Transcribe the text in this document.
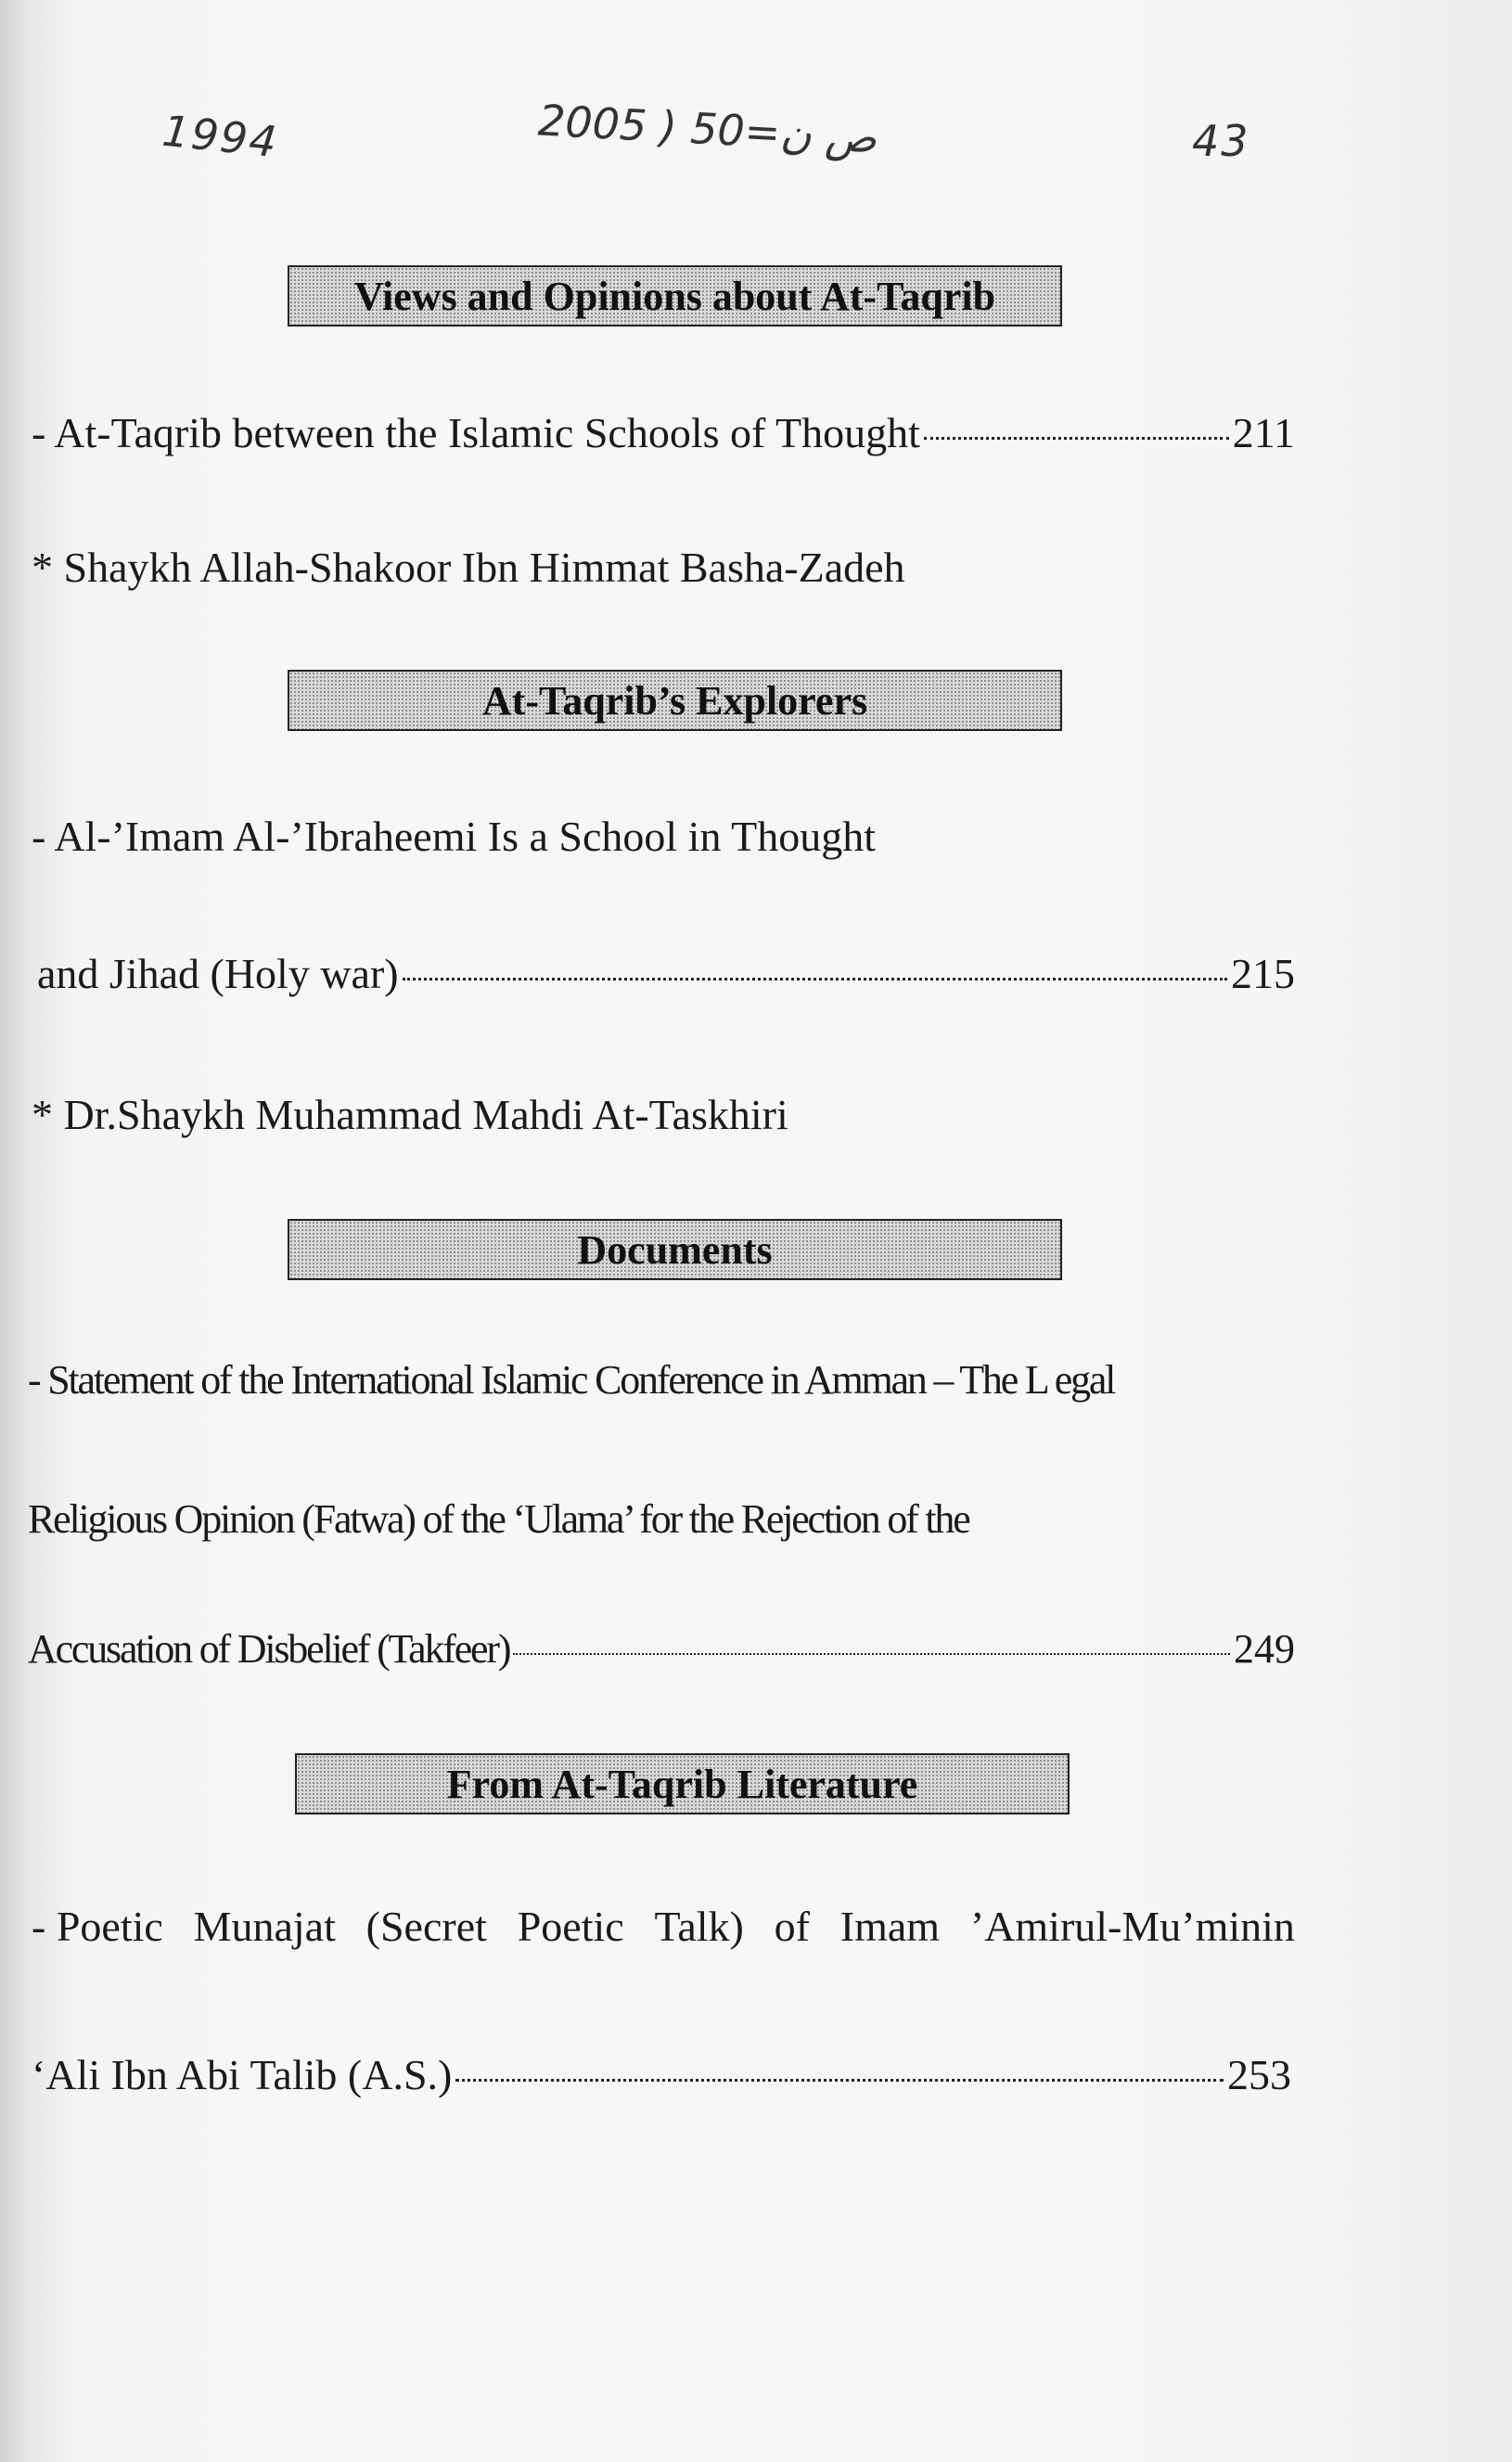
1994	2005 ) ص ن=50	43
Views and Opinions about At-Taqrib
- At-Taqrib between the Islamic Schools of Thought	211
* Shaykh Allah-Shakoor Ibn Himmat Basha-Zadeh
At-Taqrib’s Explorers
- Al-’Imam Al-’Ibraheemi Is a School in Thought
and Jihad (Holy war)	215
* Dr.Shaykh Muhammad Mahdi At-Taskhiri
Documents
- Statement of the International Islamic Conference in Amman – The L egal
Religious Opinion (Fatwa) of the ‘Ulama’ for the Rejection of the
Accusation of Disbelief (Takfeer)	249
From At-Taqrib Literature
- Poetic Munajat (Secret Poetic Talk) of Imam ’Amirul-Mu’minin
‘Ali Ibn Abi Talib (A.S.)	253
